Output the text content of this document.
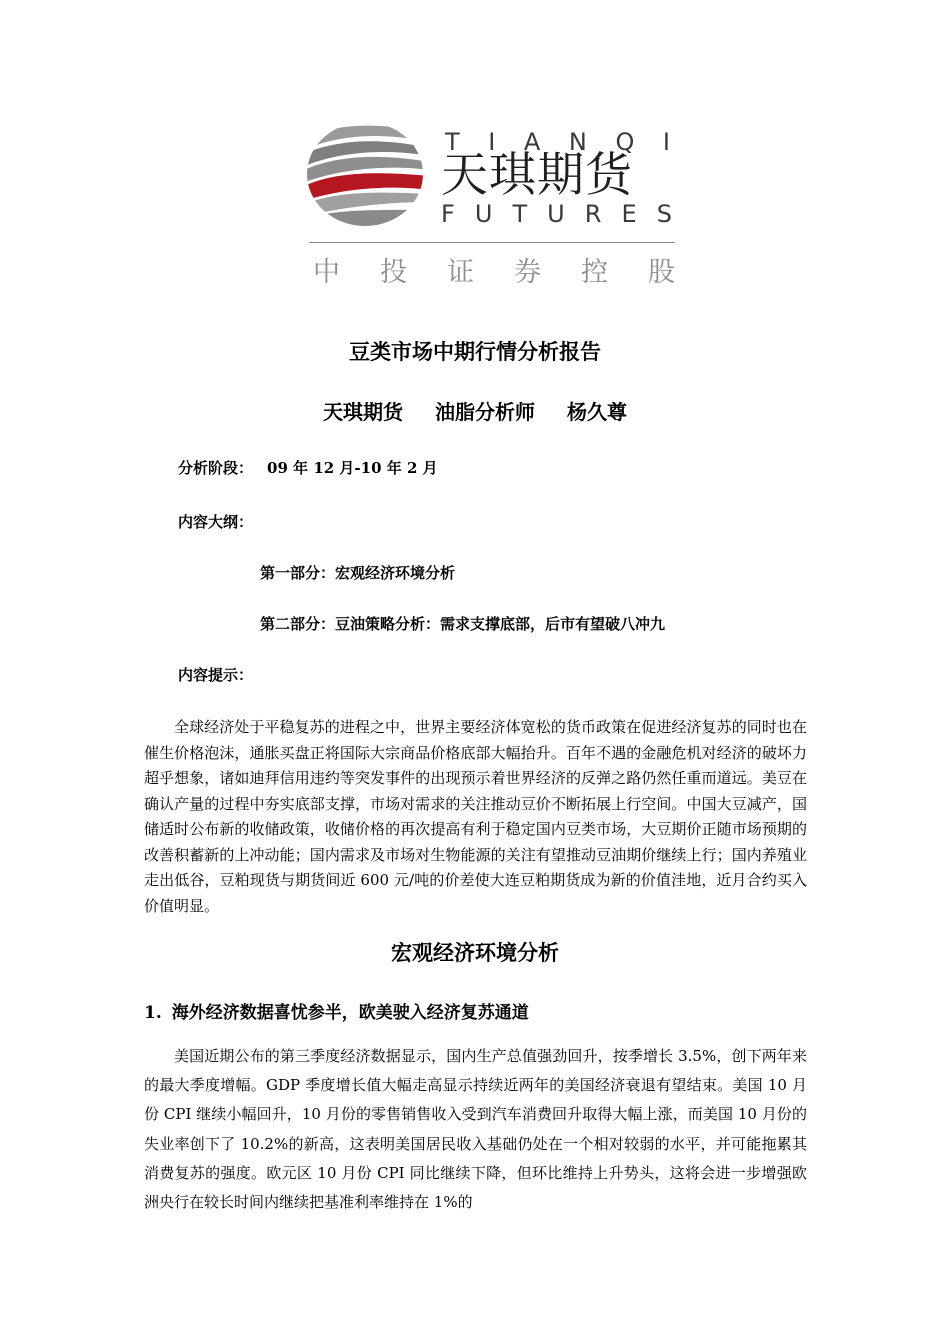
T I A N Q I
天琪期货
F U T U R E S
中 投 证 券 控 股
豆类市场中期行情分析报告
天琪期货 油脂分析师 杨久尊
分析阶段： 09 年 12 月-10 年 2 月
内容大纲：
第一部分：宏观经济环境分析
第二部分：豆油策略分析：需求支撑底部，后市有望破八冲九
内容提示：

全球经济处于平稳复苏的进程之中，世界主要经济体宽松的货币政策在促进经济复苏的同时也在催生价格泡沫，通胀买盘正将国际大宗商品价格底部大幅抬升。百年不遇的金融危机对经济的破坏力超乎想象，诸如迪拜信用违约等突发事件的出现预示着世界经济的反弹之路仍然任重而道远。美豆在确认产量的过程中夯实底部支撑，市场对需求的关注推动豆价不断拓展上行空间。中国大豆减产，国储适时公布新的收储政策，收储价格的再次提高有利于稳定国内豆类市场，大豆期价正随市场预期的改善积蓄新的上冲动能；国内需求及市场对生物能源的关注有望推动豆油期价继续上行；国内养殖业走出低谷，豆粕现货与期货间近 600 元/吨的价差使大连豆粕期货成为新的价值洼地，近月合约买入价值明显。

宏观经济环境分析
1. 海外经济数据喜忧参半，欧美驶入经济复苏通道

美国近期公布的第三季度经济数据显示，国内生产总值强劲回升，按季增长 3.5%，创下两年来的最大季度增幅。GDP 季度增长值大幅走高显示持续近两年的美国经济衰退有望结束。美国 10 月份 CPI 继续小幅回升，10 月份的零售销售收入受到汽车消费回升取得大幅上涨，而美国 10 月份的失业率创下了 10.2%的新高，这表明美国居民收入基础仍处在一个相对较弱的水平，并可能拖累其消费复苏的强度。欧元区 10 月份 CPI 同比继续下降，但环比维持上升势头，这将会进一步增强欧洲央行在较长时间内继续把基准利率维持在 1%的
